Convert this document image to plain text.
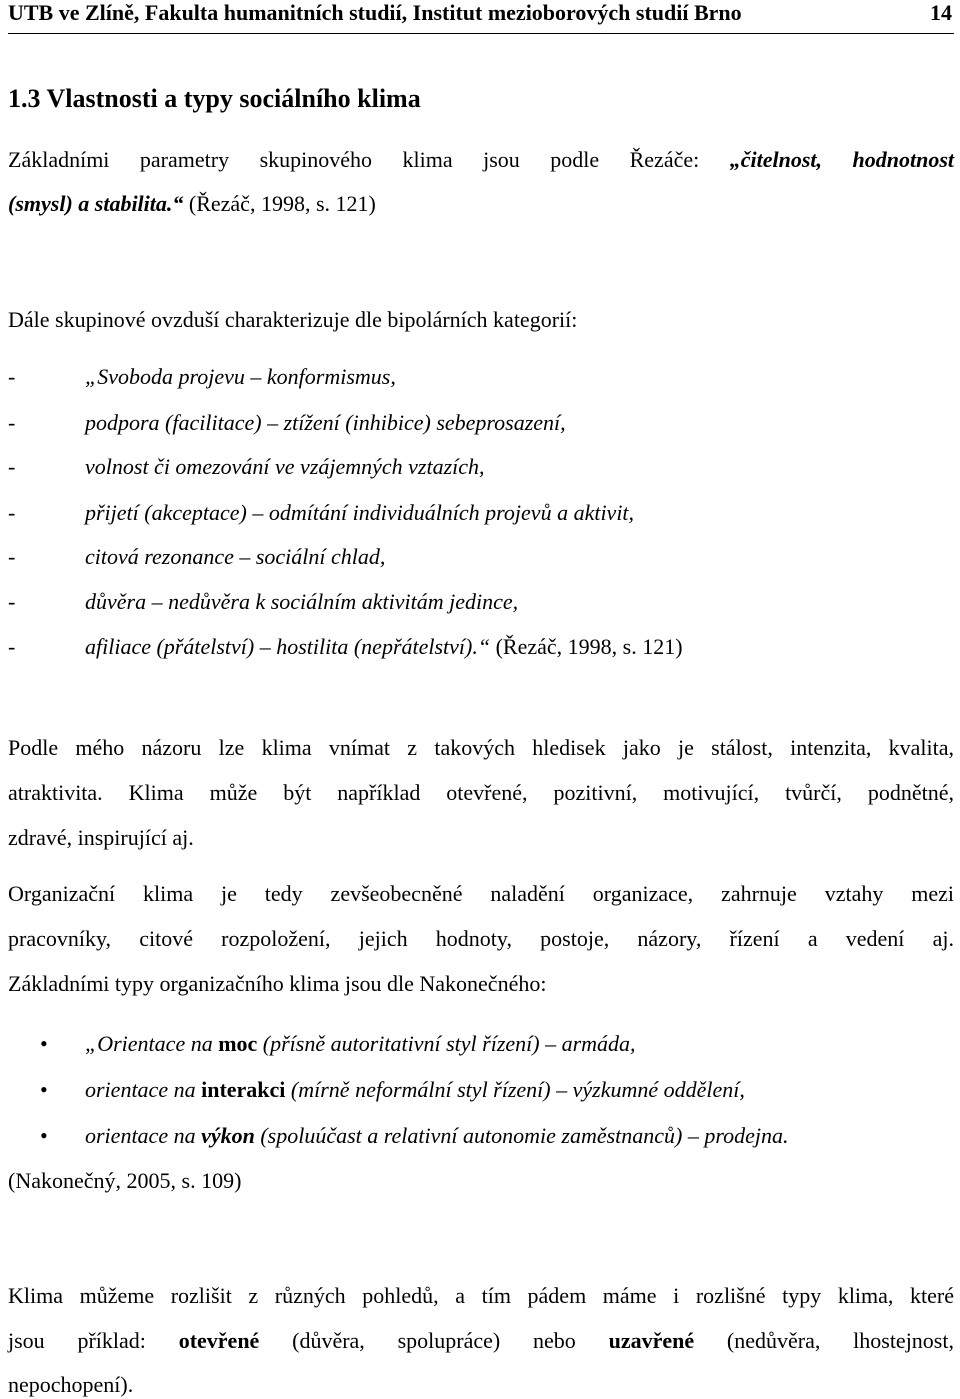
UTB ve Zlíně, Fakulta humanitních studií, Institut mezioborových studií Brno	14
1.3 Vlastnosti a typy sociálního klima
Základními parametry skupinového klima jsou podle Řezáče: „čitelnost, hodnotnost
(smysl) a stabilita.“ (Řezáč, 1998, s. 121)
Dále skupinové ovzduší charakterizuje dle bipolárních kategorií:
-	„Svoboda projevu – konformismus,
-	podpora (facilitace) – ztížení (inhibice) sebeprosazení,
-	volnost či omezování ve vzájemných vztazích,
-	přijetí (akceptace) – odmítání individuálních projevů a aktivit,
-	citová rezonance – sociální chlad,
-	důvěra – nedůvěra k sociálním aktivitám jedince,
-	afiliace (přátelství) – hostilita (nepřátelství).“ (Řezáč, 1998, s. 121)
Podle mého názoru lze klima vnímat z takových hledisek jako je stálost, intenzita, kvalita,
atraktivita. Klima může být například otevřené, pozitivní, motivující, tvůrčí, podnětné,
zdravé, inspirující aj.
Organizační klima je tedy zevšeobecněné naladění organizace, zahrnuje vztahy mezi
pracovníky, citové rozpoložení, jejich hodnoty, postoje, názory, řízení a vedení aj.
Základními typy organizačního klima jsou dle Nakonečného:
• „Orientace na moc (přísně autoritativní styl řízení) – armáda,
• orientace na interakci (mírně neformální styl řízení) – výzkumné oddělení,
• orientace na výkon (spoluúčast a relativní autonomie zaměstnanců) – prodejna.
(Nakonečný, 2005, s. 109)
Klima můžeme rozlišit z různých pohledů, a tím pádem máme i rozlišné typy klima, které
jsou příklad: otevřené (důvěra, spolupráce) nebo uzavřené (nedůvěra, lhostejnost,
nepochopení).
